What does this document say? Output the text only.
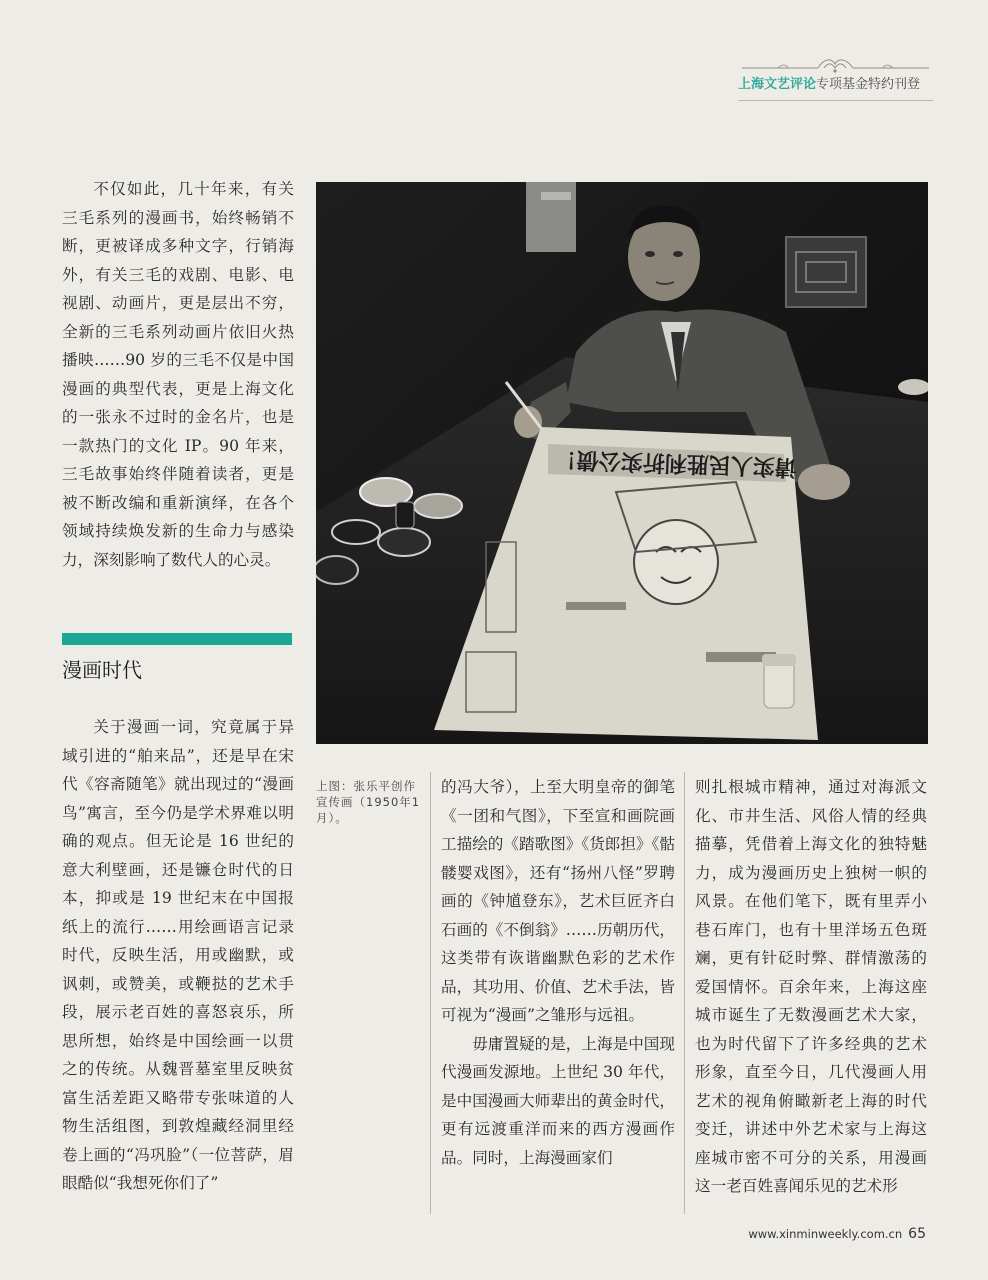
上海文艺评论专项基金特约刊登

不仅如此，几十年来，有关三毛系列的漫画书，始终畅销不断，更被译成多种文字，行销海外，有关三毛的戏剧、电影、电视剧、动画片，更是层出不穷，全新的三毛系列动画片依旧火热播映……90 岁的三毛不仅是中国漫画的典型代表，更是上海文化的一张永不过时的金名片，也是一款热门的文化 IP。90 年来，三毛故事始终伴随着读者，更是被不断改编和重新演绎，在各个领域持续焕发新的生命力与感染力，深刻影响了数代人的心灵。

漫画时代

关于漫画一词，究竟属于异域引进的“舶来品”，还是早在宋代《容斋随笔》就出现过的“漫画鸟”寓言，至今仍是学术界难以明确的观点。但无论是 16 世纪的意大利壁画，还是镰仓时代的日本，抑或是 19 世纪末在中国报纸上的流行……用绘画语言记录时代，反映生活，用或幽默，或讽刺，或赞美，或鞭挞的艺术手段，展示老百姓的喜怒哀乐，所思所想，始终是中国绘画一以贯之的传统。从魏晋墓室里反映贫富生活差距又略带专张味道的人物生活组图，到敦煌藏经洞里经卷上画的“冯巩脸”（一位菩萨，眉眼酷似“我想死你们了”

请实人民胜利折实公债！
上图：张乐平创作宣传画（1950年1月）。

的冯大爷），上至大明皇帝的御笔《一团和气图》，下至宣和画院画工描绘的《踏歌图》《货郎担》《骷髅婴戏图》，还有“扬州八怪”罗聘画的《钟馗登东》，艺术巨匠齐白石画的《不倒翁》……历朝历代，这类带有诙谐幽默色彩的艺术作品，其功用、价值、艺术手法，皆可视为“漫画”之雏形与远祖。

毋庸置疑的是，上海是中国现代漫画发源地。上世纪 30 年代，是中国漫画大师辈出的黄金时代，更有远渡重洋而来的西方漫画作品。同时，上海漫画家们

则扎根城市精神，通过对海派文化、市井生活、风俗人情的经典描摹，凭借着上海文化的独特魅力，成为漫画历史上独树一帜的风景。在他们笔下，既有里弄小巷石库门，也有十里洋场五色斑斓，更有针砭时弊、群情激荡的爱国情怀。百余年来，上海这座城市诞生了无数漫画艺术大家，也为时代留下了许多经典的艺术形象，直至今日，几代漫画人用艺术的视角俯瞰新老上海的时代变迁，讲述中外艺术家与上海这座城市密不可分的关系，用漫画这一老百姓喜闻乐见的艺术形

www.xinminweekly.com.cn 65
